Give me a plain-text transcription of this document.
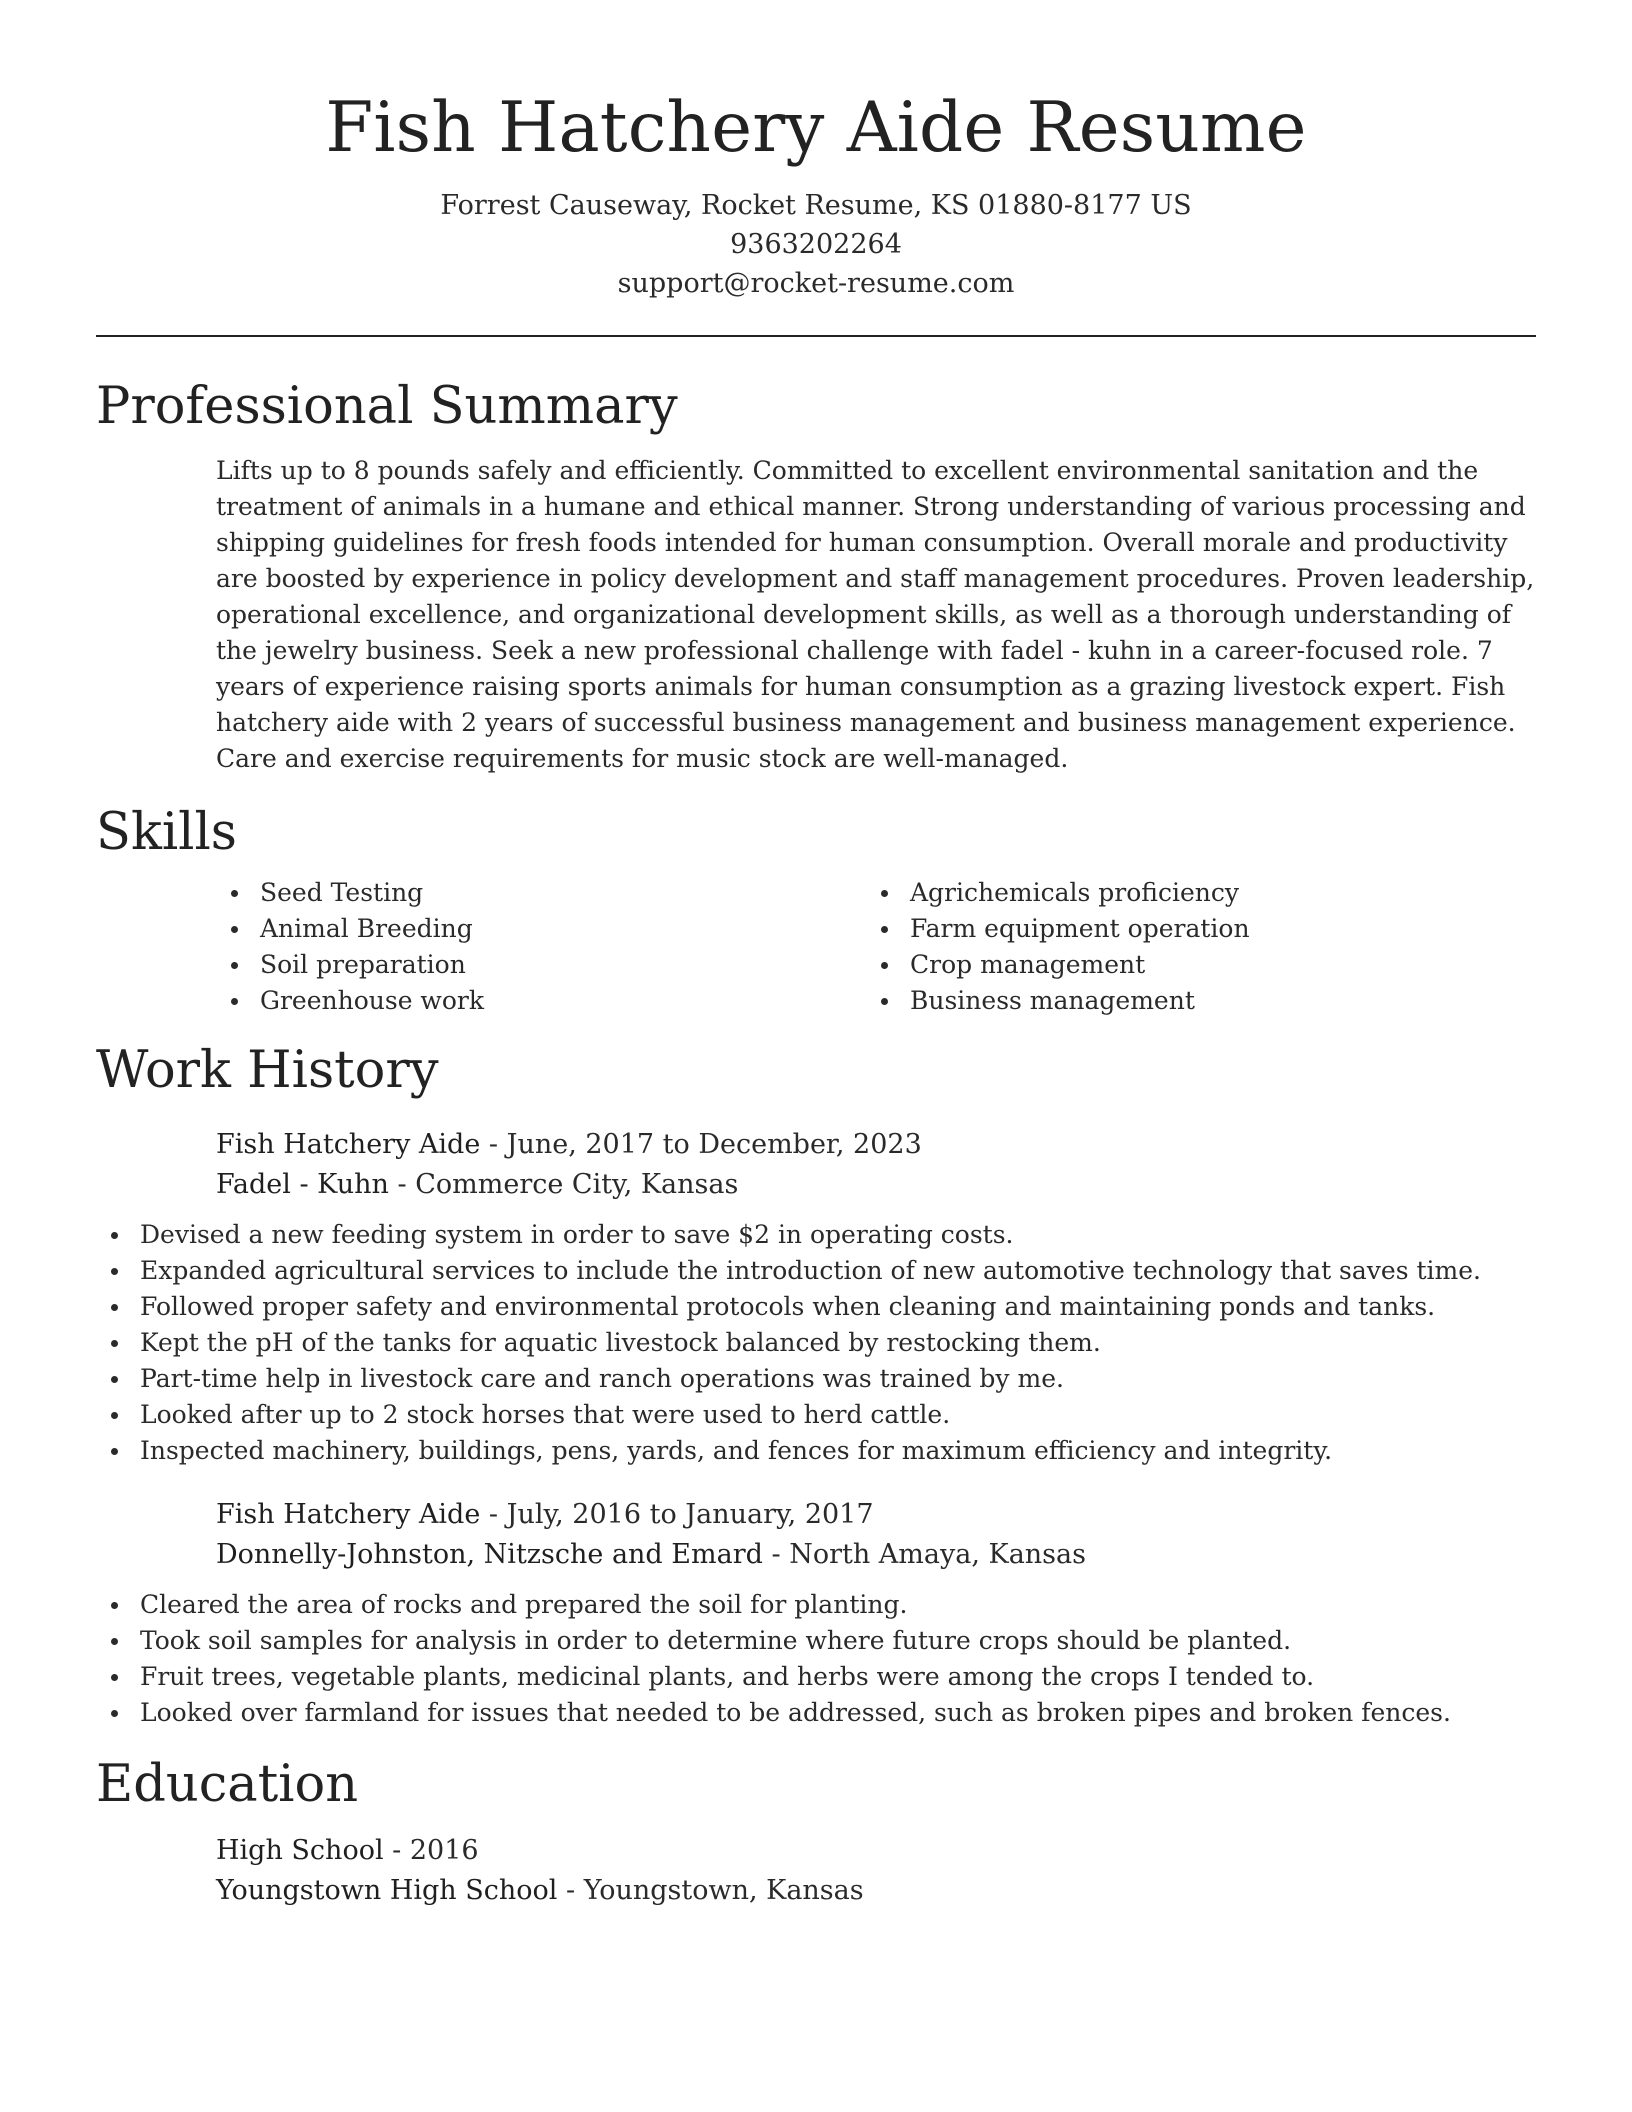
Fish Hatchery Aide Resume
Forrest Causeway, Rocket Resume, KS 01880-8177 US
9363202264
support@rocket-resume.com
Professional Summary
Lifts up to 8 pounds safely and efficiently. Committed to excellent environmental sanitation and the treatment of animals in a humane and ethical manner. Strong understanding of various processing and shipping guidelines for fresh foods intended for human consumption. Overall morale and productivity are boosted by experience in policy development and staff management procedures. Proven leadership, operational excellence, and organizational development skills, as well as a thorough understanding of the jewelry business. Seek a new professional challenge with fadel - kuhn in a career-focused role. 7 years of experience raising sports animals for human consumption as a grazing livestock expert. Fish hatchery aide with 2 years of successful business management and business management experience. Care and exercise requirements for music stock are well-managed.
Skills
Seed Testing
Animal Breeding
Soil preparation
Greenhouse work
Agrichemicals proficiency
Farm equipment operation
Crop management
Business management
Work History
Fish Hatchery Aide - June, 2017 to December, 2023
Fadel - Kuhn - Commerce City, Kansas
Devised a new feeding system in order to save $2 in operating costs.
Expanded agricultural services to include the introduction of new automotive technology that saves time.
Followed proper safety and environmental protocols when cleaning and maintaining ponds and tanks.
Kept the pH of the tanks for aquatic livestock balanced by restocking them.
Part-time help in livestock care and ranch operations was trained by me.
Looked after up to 2 stock horses that were used to herd cattle.
Inspected machinery, buildings, pens, yards, and fences for maximum efficiency and integrity.
Fish Hatchery Aide - July, 2016 to January, 2017
Donnelly-Johnston, Nitzsche and Emard - North Amaya, Kansas
Cleared the area of rocks and prepared the soil for planting.
Took soil samples for analysis in order to determine where future crops should be planted.
Fruit trees, vegetable plants, medicinal plants, and herbs were among the crops I tended to.
Looked over farmland for issues that needed to be addressed, such as broken pipes and broken fences.
Education
High School - 2016
Youngstown High School - Youngstown, Kansas
